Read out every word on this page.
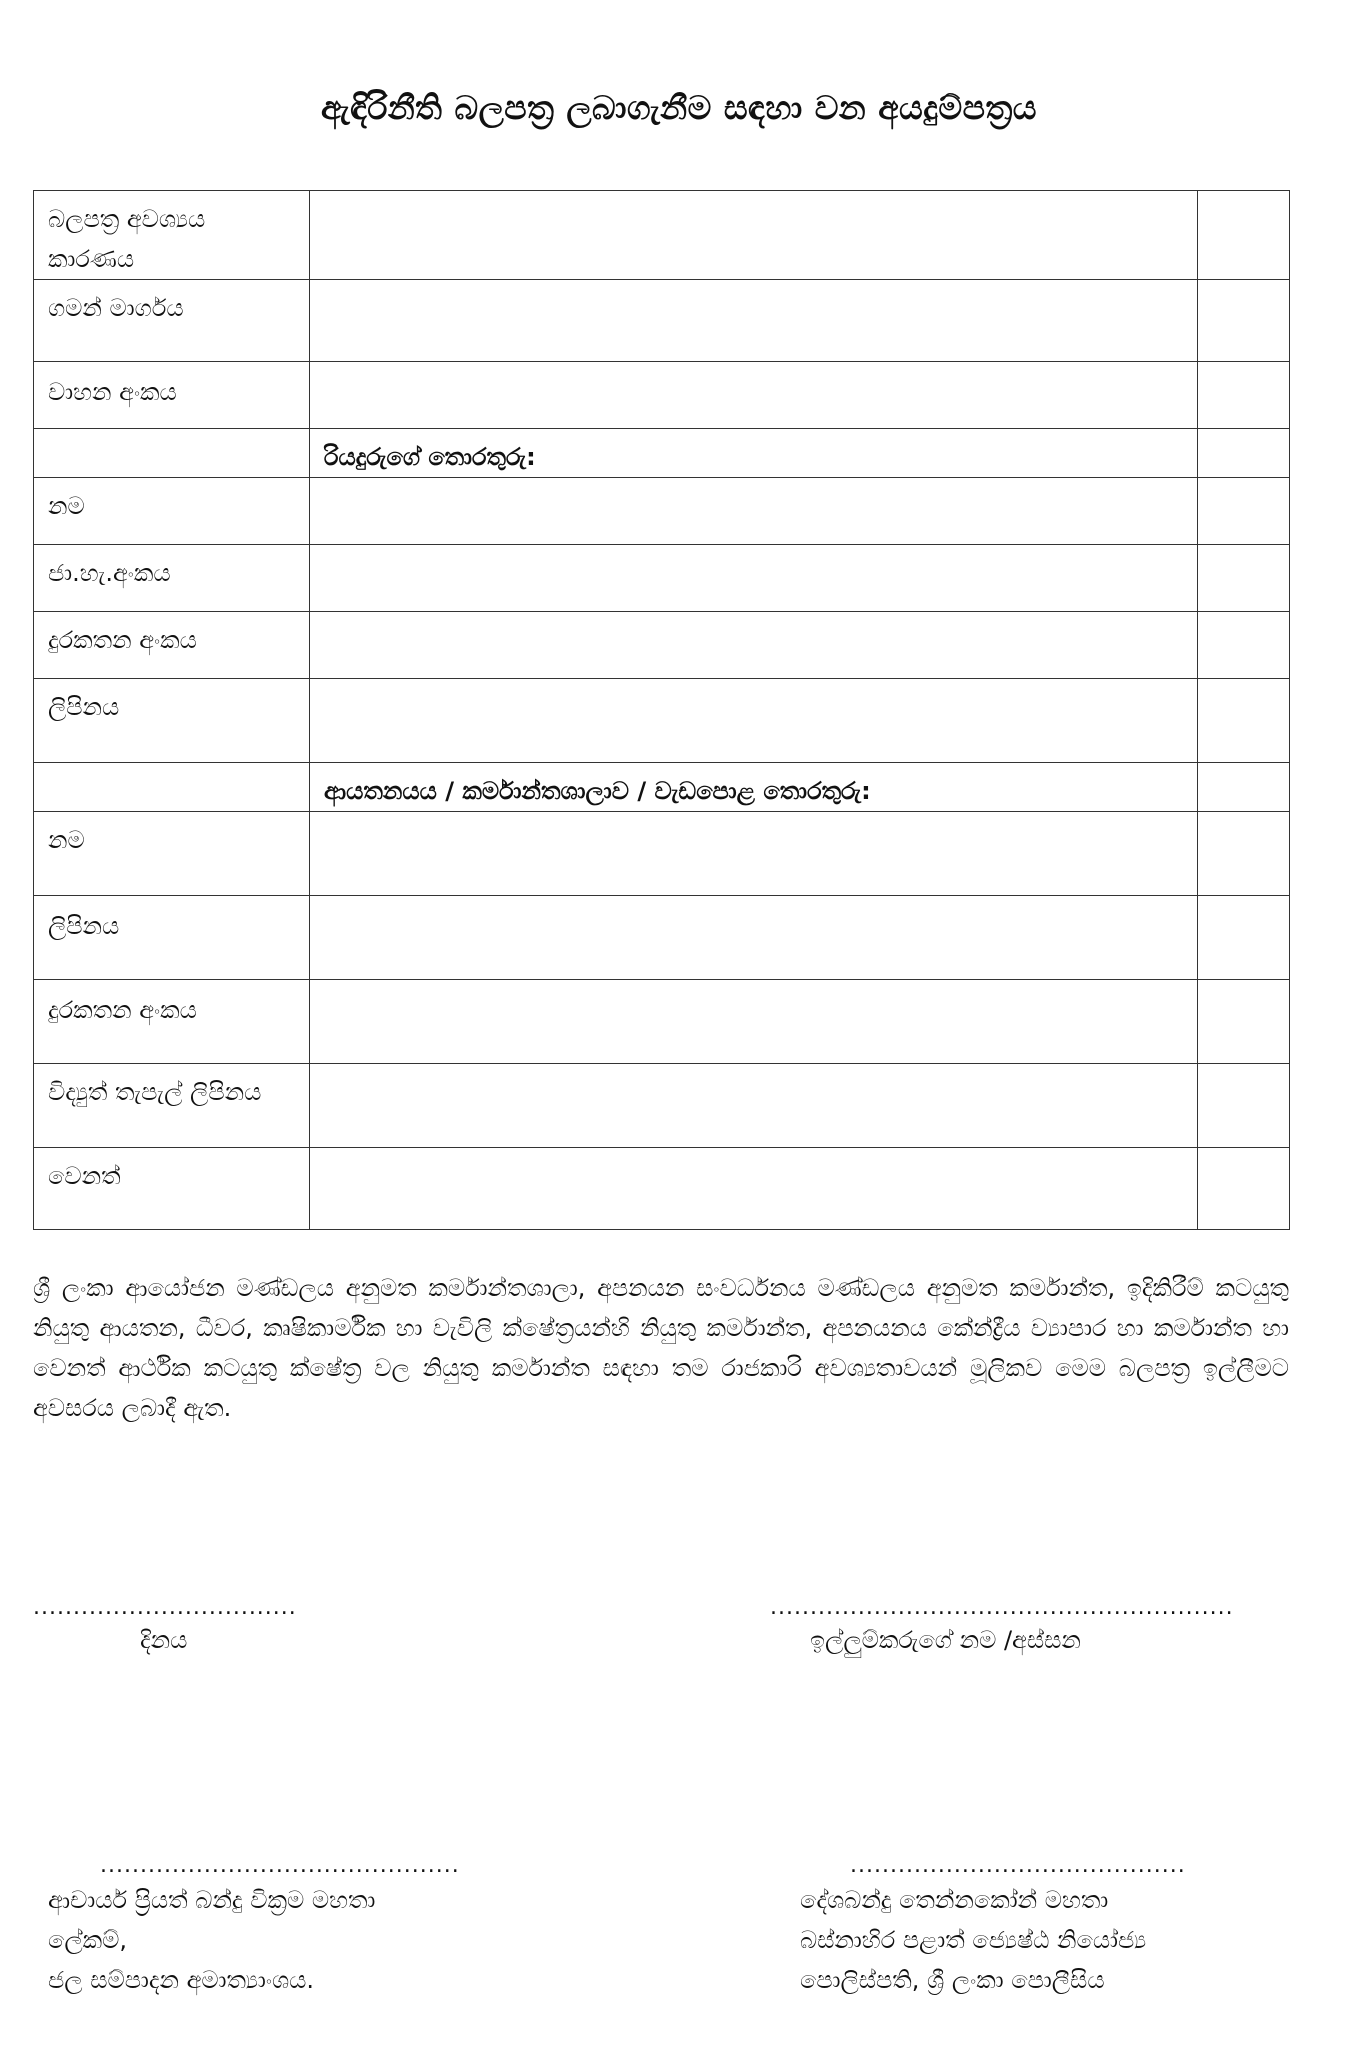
ඇඳිරිනීති බලපත්‍ර ලබාගැනීම සඳහා වන අයදුම්පත්‍රය
බලපත්‍ර අවශ්‍යය කාරණය		
ගමන් මාර්ගය		
වාහන අංකය		
	රියදුරුගේ තොරතුරු:	
නම		
ජා.හැ.අංකය		
දුරකතන අංකය		
ලිපිනය		
	ආයතනයය / කර්මාන්තශාලාව / වැඩපොළ තොරතුරු:	
නම		
ලිපිනය		
දුරකතන අංකය		
විද්‍යුත් තැපැල් ලිපිනය		
වෙනත්		
ශ්‍රී ලංකා ආයෝජන මණ්ඩලය අනුමත කර්මාන්තශාලා, අපනයන සංවර්ධනය මණ්ඩලය අනුමත කර්මාන්ත, ඉදිකිරීම් කටයුතු නියුතු ආයතන, ධීවර, කෘෂිකාර්මික හා වැවිලි ක්ෂේත්‍රයන්හි නියුතු කර්මාන්ත, අපනයනය කේන්ද්‍රීය ව්‍යාපාර හා කර්මාන්ත හා වෙනත් ආර්ථික කටයුතු ක්ෂේත්‍ර වල නියුතු කර්මාන්ත සඳහා තම රාජකාරි අවශ්‍යතාවයන් මූලිකව මෙම බලපත්‍ර ඉල්ලීමට අවසරය ලබාදී ඇත.
.................................
දිනය
..........................................................
ඉල්ලුම්කරුගේ නම /අස්සන
.............................................
ආචාර්ය ප්‍රියත් බන්දු වික්‍රම මහතා
ලේකම්,
ජල සම්පාදන අමාත්‍යාංශය.
..........................................
දේශබන්දු තෙන්නකෝන් මහතා
බස්නාහිර පළාත් ජ්‍යෙෂ්ඨ නියෝජ්‍ය
පොලිස්පති, ශ්‍රී ලංකා පොලීසිය
